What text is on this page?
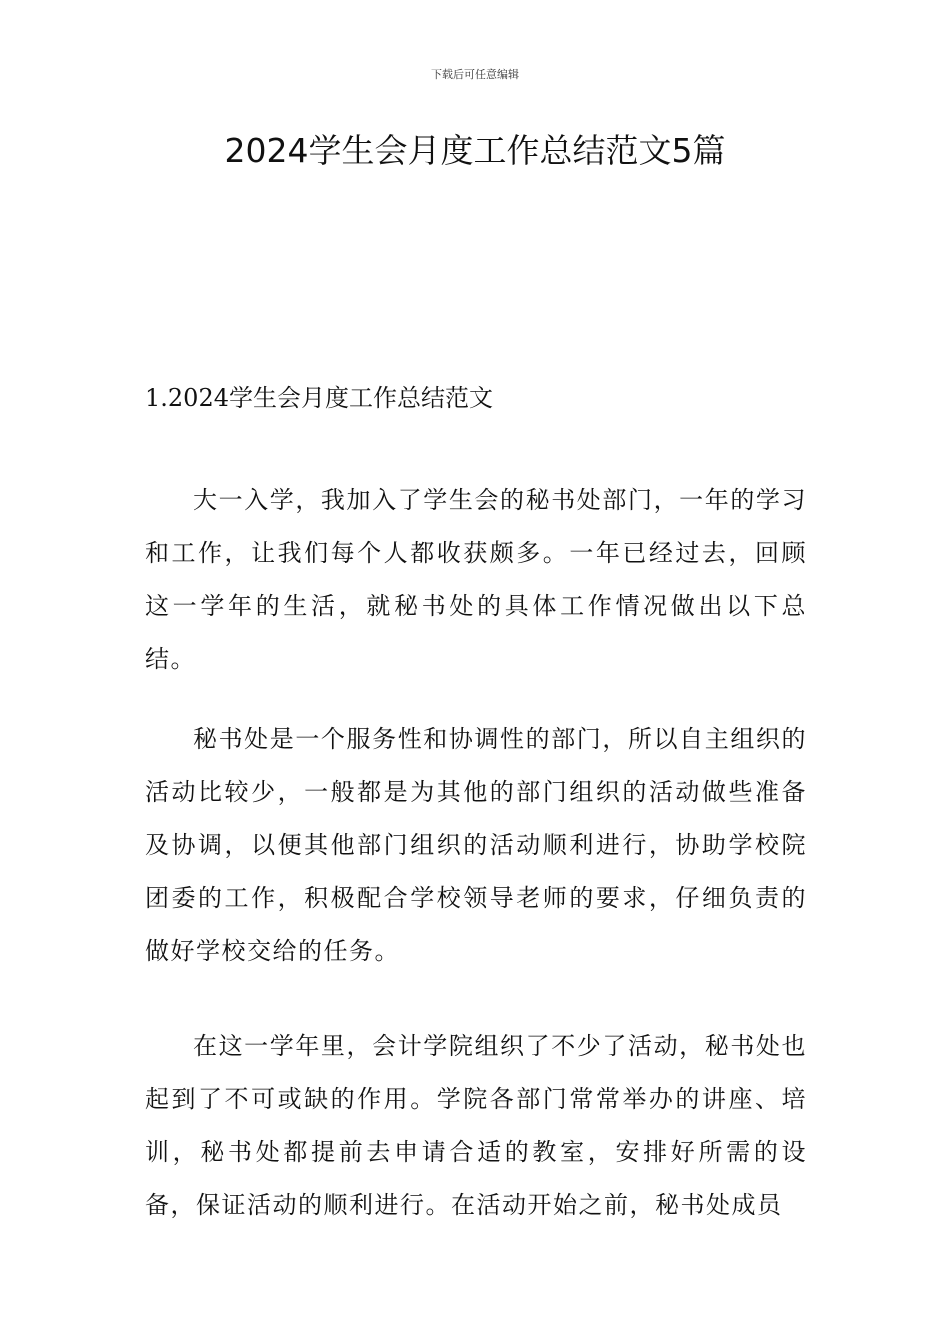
下载后可任意编辑
2024学生会月度工作总结范文5篇
1.2024学生会月度工作总结范文

大一入学，我加入了学生会的秘书处部门，一年的学习和工作，让我们每个人都收获颇多。一年已经过去，回顾这一学年的生活，就秘书处的具体工作情况做出以下总结。

秘书处是一个服务性和协调性的部门，所以自主组织的活动比较少，一般都是为其他的部门组织的活动做些准备及协调，以便其他部门组织的活动顺利进行，协助学校院团委的工作，积极配合学校领导老师的要求，仔细负责的做好学校交给的任务。

在这一学年里，会计学院组织了不少了活动，秘书处也起到了不可或缺的作用。学院各部门常常举办的讲座、培训，秘书处都提前去申请合适的教室，安排好所需的设备，保证活动的顺利进行。在活动开始之前，秘书处成员
